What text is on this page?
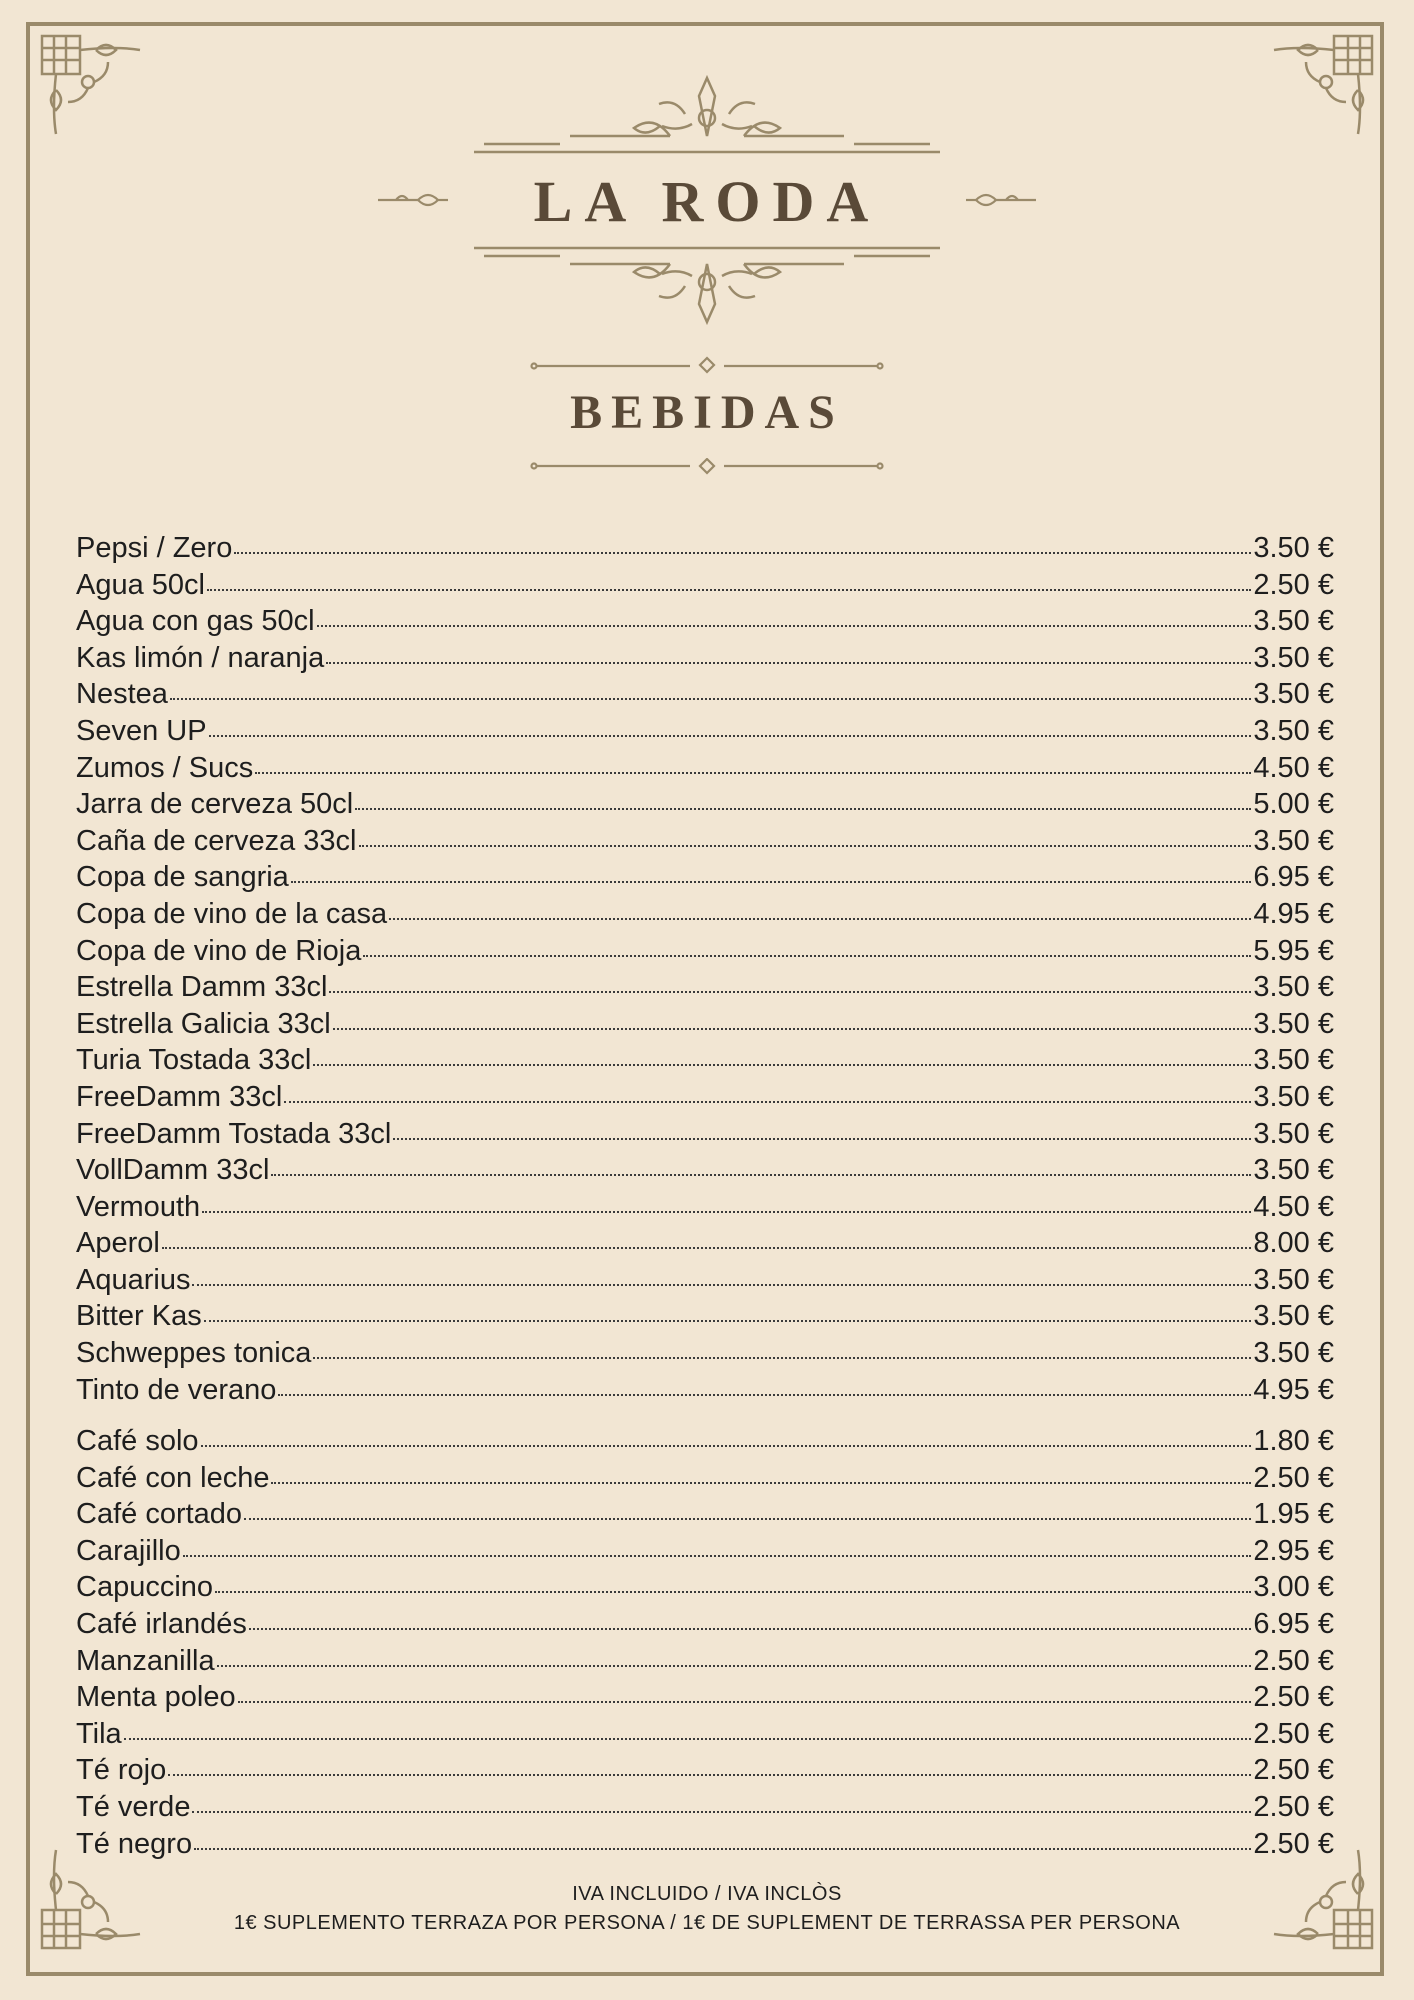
LA RODA
BEBIDAS
Pepsi / Zero	3.50 €
Agua 50cl	2.50 €
Agua con gas 50cl	3.50 €
Kas limón / naranja	3.50 €
Nestea	3.50 €
Seven UP	3.50 €
Zumos / Sucs	4.50 €
Jarra de cerveza 50cl	5.00 €
Caña de cerveza 33cl	3.50 €
Copa de sangria	6.95 €
Copa de vino de la casa	4.95 €
Copa de vino de Rioja	5.95 €
Estrella Damm 33cl	3.50 €
Estrella Galicia 33cl	3.50 €
Turia Tostada 33cl	3.50 €
FreeDamm 33cl	3.50 €
FreeDamm Tostada 33cl	3.50 €
VollDamm 33cl	3.50 €
Vermouth	4.50 €
Aperol	8.00 €
Aquarius	3.50 €
Bitter Kas	3.50 €
Schweppes tonica	3.50 €
Tinto de verano	4.95 €
Café solo	1.80 €
Café con leche	2.50 €
Café cortado	1.95 €
Carajillo	2.95 €
Capuccino	3.00 €
Café irlandés	6.95 €
Manzanilla	2.50 €
Menta poleo	2.50 €
Tila	2.50 €
Té rojo	2.50 €
Té verde	2.50 €
Té negro	2.50 €
IVA INCLUIDO / IVA INCLÒS
1€ SUPLEMENTO TERRAZA POR PERSONA / 1€ DE SUPLEMENT DE TERRASSA PER PERSONA
